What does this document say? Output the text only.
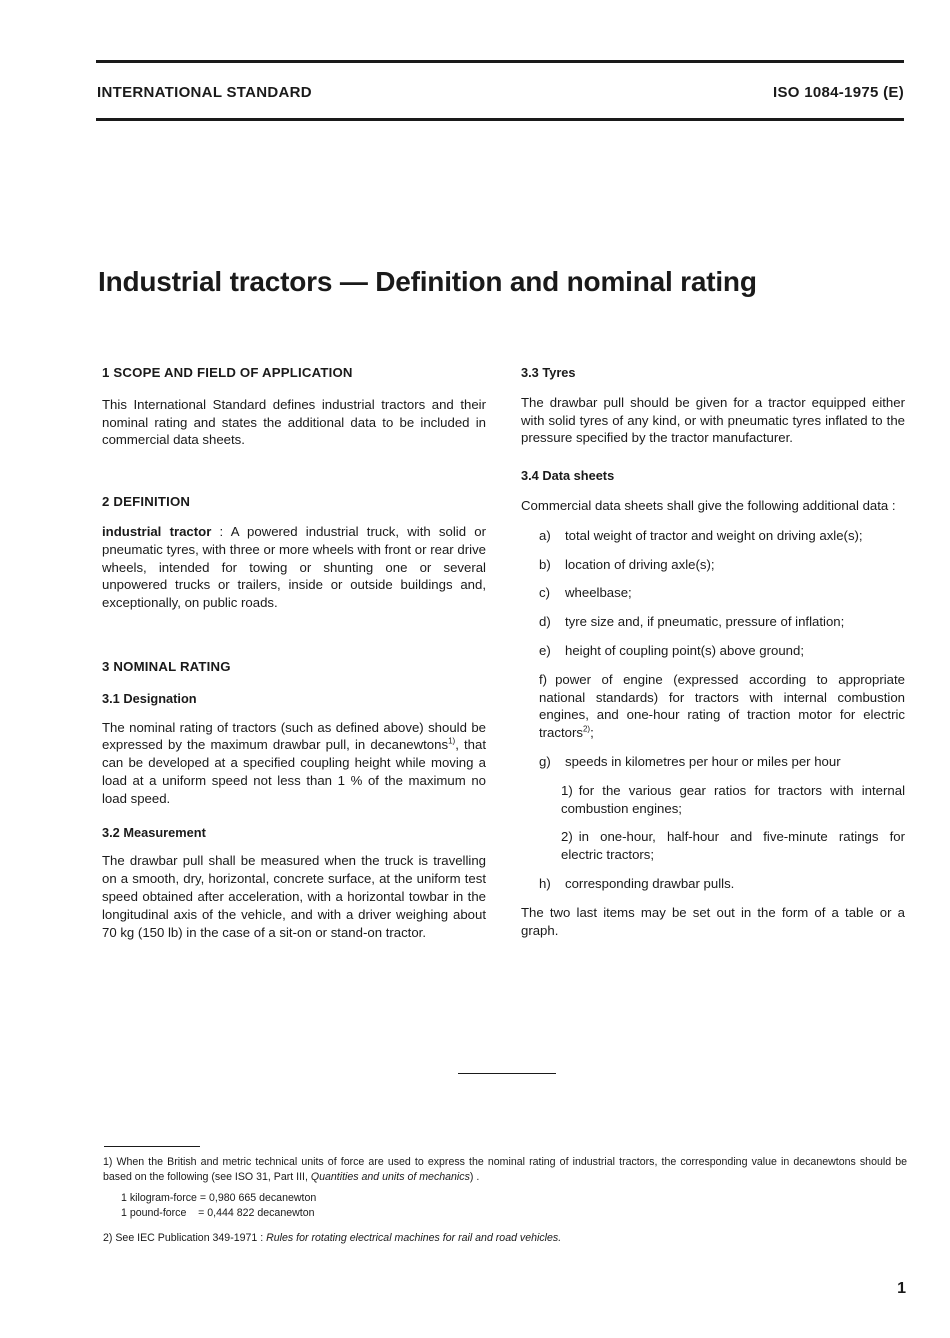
INTERNATIONAL STANDARD	ISO 1084-1975 (E)
Industrial tractors — Definition and nominal rating

1 SCOPE AND FIELD OF APPLICATION

This International Standard defines industrial tractors and their nominal rating and states the additional data to be included in commercial data sheets.

2 DEFINITION

industrial tractor : A powered industrial truck, with solid or pneumatic tyres, with three or more wheels with front or rear drive wheels, intended for towing or shunting one or several unpowered trucks or trailers, inside or outside buildings and, exceptionally, on public roads.

3 NOMINAL RATING

3.1 Designation

The nominal rating of tractors (such as defined above) should be expressed by the maximum drawbar pull, in decanewtons$^{1)}$, that can be developed at a specified coupling height while moving a load at a uniform speed not less than 1 % of the maximum no load speed.

3.2 Measurement

The drawbar pull shall be measured when the truck is travelling on a smooth, dry, horizontal, concrete surface, at the uniform test speed obtained after acceleration, with a horizontal towbar in the longitudinal axis of the vehicle, and with a driver weighing about 70 kg (150 lb) in the case of a sit-on or stand-on tractor.

3.3 Tyres

The drawbar pull should be given for a tractor equipped either with solid tyres of any kind, or with pneumatic tyres inflated to the pressure specified by the tractor manufacturer.

3.4 Data sheets

Commercial data sheets shall give the following additional data :

a)	total weight of tractor and weight on driving axle(s);
b)	location of driving axle(s);
c)	wheelbase;
d)	tyre size and, if pneumatic, pressure of inflation;
e)	height of coupling point(s) above ground;
f) power of engine (expressed according to appropriate national standards) for tractors with internal combustion engines, and one-hour rating of traction motor for electric tractors$^{2)}$;
g)	speeds in kilometres per hour or miles per hour
1) for the various gear ratios for tractors with internal combustion engines;
2) in one-hour, half-hour and five-minute ratings for electric tractors;
h)	corresponding drawbar pulls.

The two last items may be set out in the form of a table or a graph.

1) When the British and metric technical units of force are used to express the nominal rating of industrial tractors, the corresponding value in decanewtons should be based on the following (see ISO 31, Part III, Quantities and units of mechanics) .

1 kilogram-force = 0,980 665 decanewton
1 pound-force    = 0,444 822 decanewton

2) See IEC Publication 349-1971 : Rules for rotating electrical machines for rail and road vehicles.

1
